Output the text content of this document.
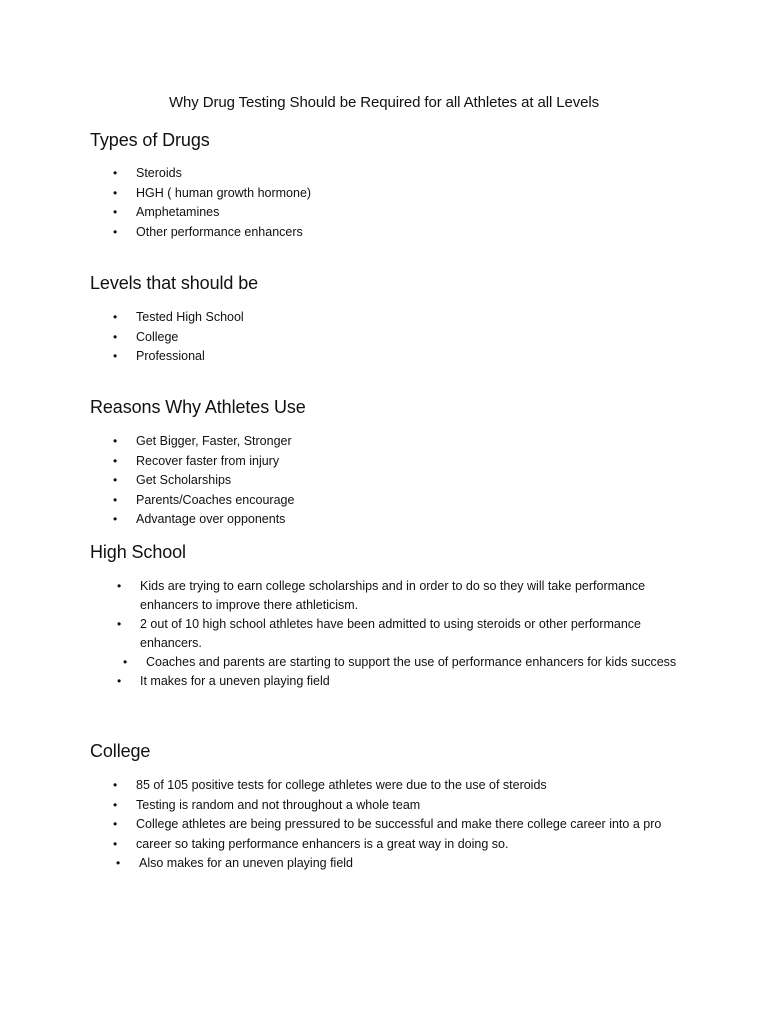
Why Drug Testing Should be Required for all Athletes at all Levels
Types of Drugs
• Steroids
• HGH ( human growth hormone)
• Amphetamines
• Other performance enhancers
Levels that should be
• Tested High School
• College
• Professional
Reasons Why Athletes Use
• Get Bigger, Faster, Stronger
• Recover faster from injury
• Get Scholarships
• Parents/Coaches encourage
• Advantage over opponents
High School
• Kids are trying to earn college scholarships and in order to do so they will take performance enhancers to improve there athleticism.
• 2 out of 10 high school athletes have been admitted to using steroids or other performance enhancers.
• Coaches and parents are starting to support the use of performance enhancers for kids success
• It makes for a uneven playing field
College
• 85 of 105 positive tests for college athletes were due to the use of steroids
• Testing is random and not throughout a whole team
• College athletes are being pressured to be successful and make there college career into a pro
• career so taking performance enhancers is a great way in doing so.
• Also makes for an uneven playing field
